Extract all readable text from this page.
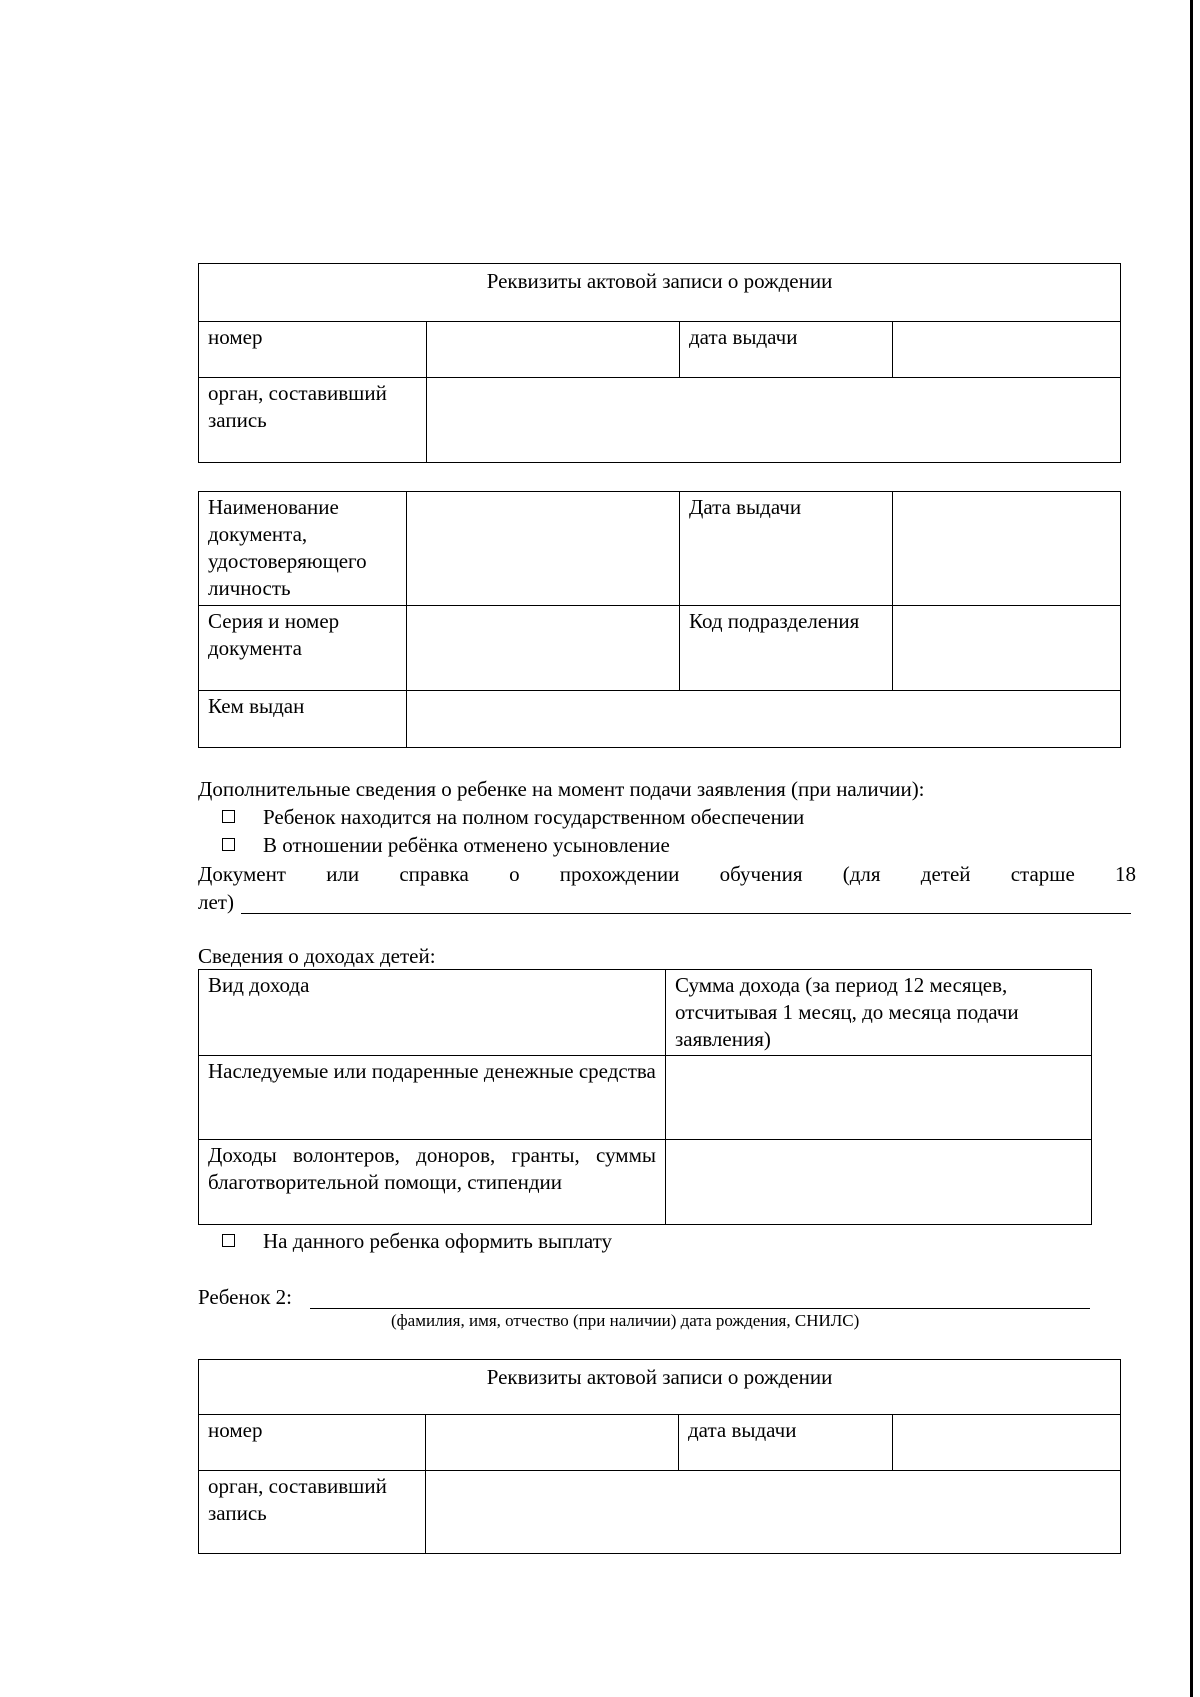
Реквизиты актовой записи о рождении			
номер		дата выдачи	
орган, составивший запись			
Наименование документа, удостоверяющего личность		Дата выдачи	
Серия и номер документа		Код подразделения	
Кем выдан			
Дополнительные сведения о ребенке на момент подачи заявления (при наличии):
Ребенок находится на полном государственном обеспечении
В отношении ребёнка отменено усыновление
Документ или справка о прохождении обучения (для детей старше 18
лет)
Сведения о доходах детей:
Вид дохода	Сумма дохода (за период 12 месяцев, отсчитывая 1 месяц, до месяца подачи заявления)
Наследуемые или подаренные денежные средства	
Доходы волонтеров, доноров, гранты, суммы благотворительной помощи, стипендии	
На данного ребенка оформить выплату
Ребенок 2:
(фамилия, имя, отчество (при наличии) дата рождения, СНИЛС)
Реквизиты актовой записи о рождении			
номер		дата выдачи	
орган, составивший запись			
